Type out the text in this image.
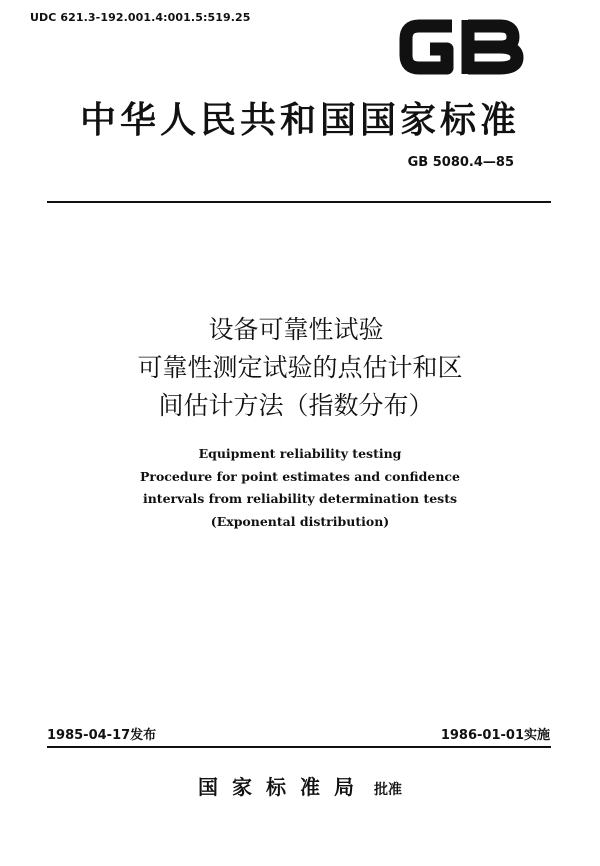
UDC 621.3-192.001.4:001.5:519.25	GB
中华人民共和国国家标准
GB 5080.4—85
设备可靠性试验
可靠性测定试验的点估计和区
间估计方法（指数分布）
Equipment reliability testing
Procedure for point estimates and confidence
intervals from reliability determination tests
(Exponental distribution)
1985-04-17发布	1986-01-01实施
国家标准局 批准
